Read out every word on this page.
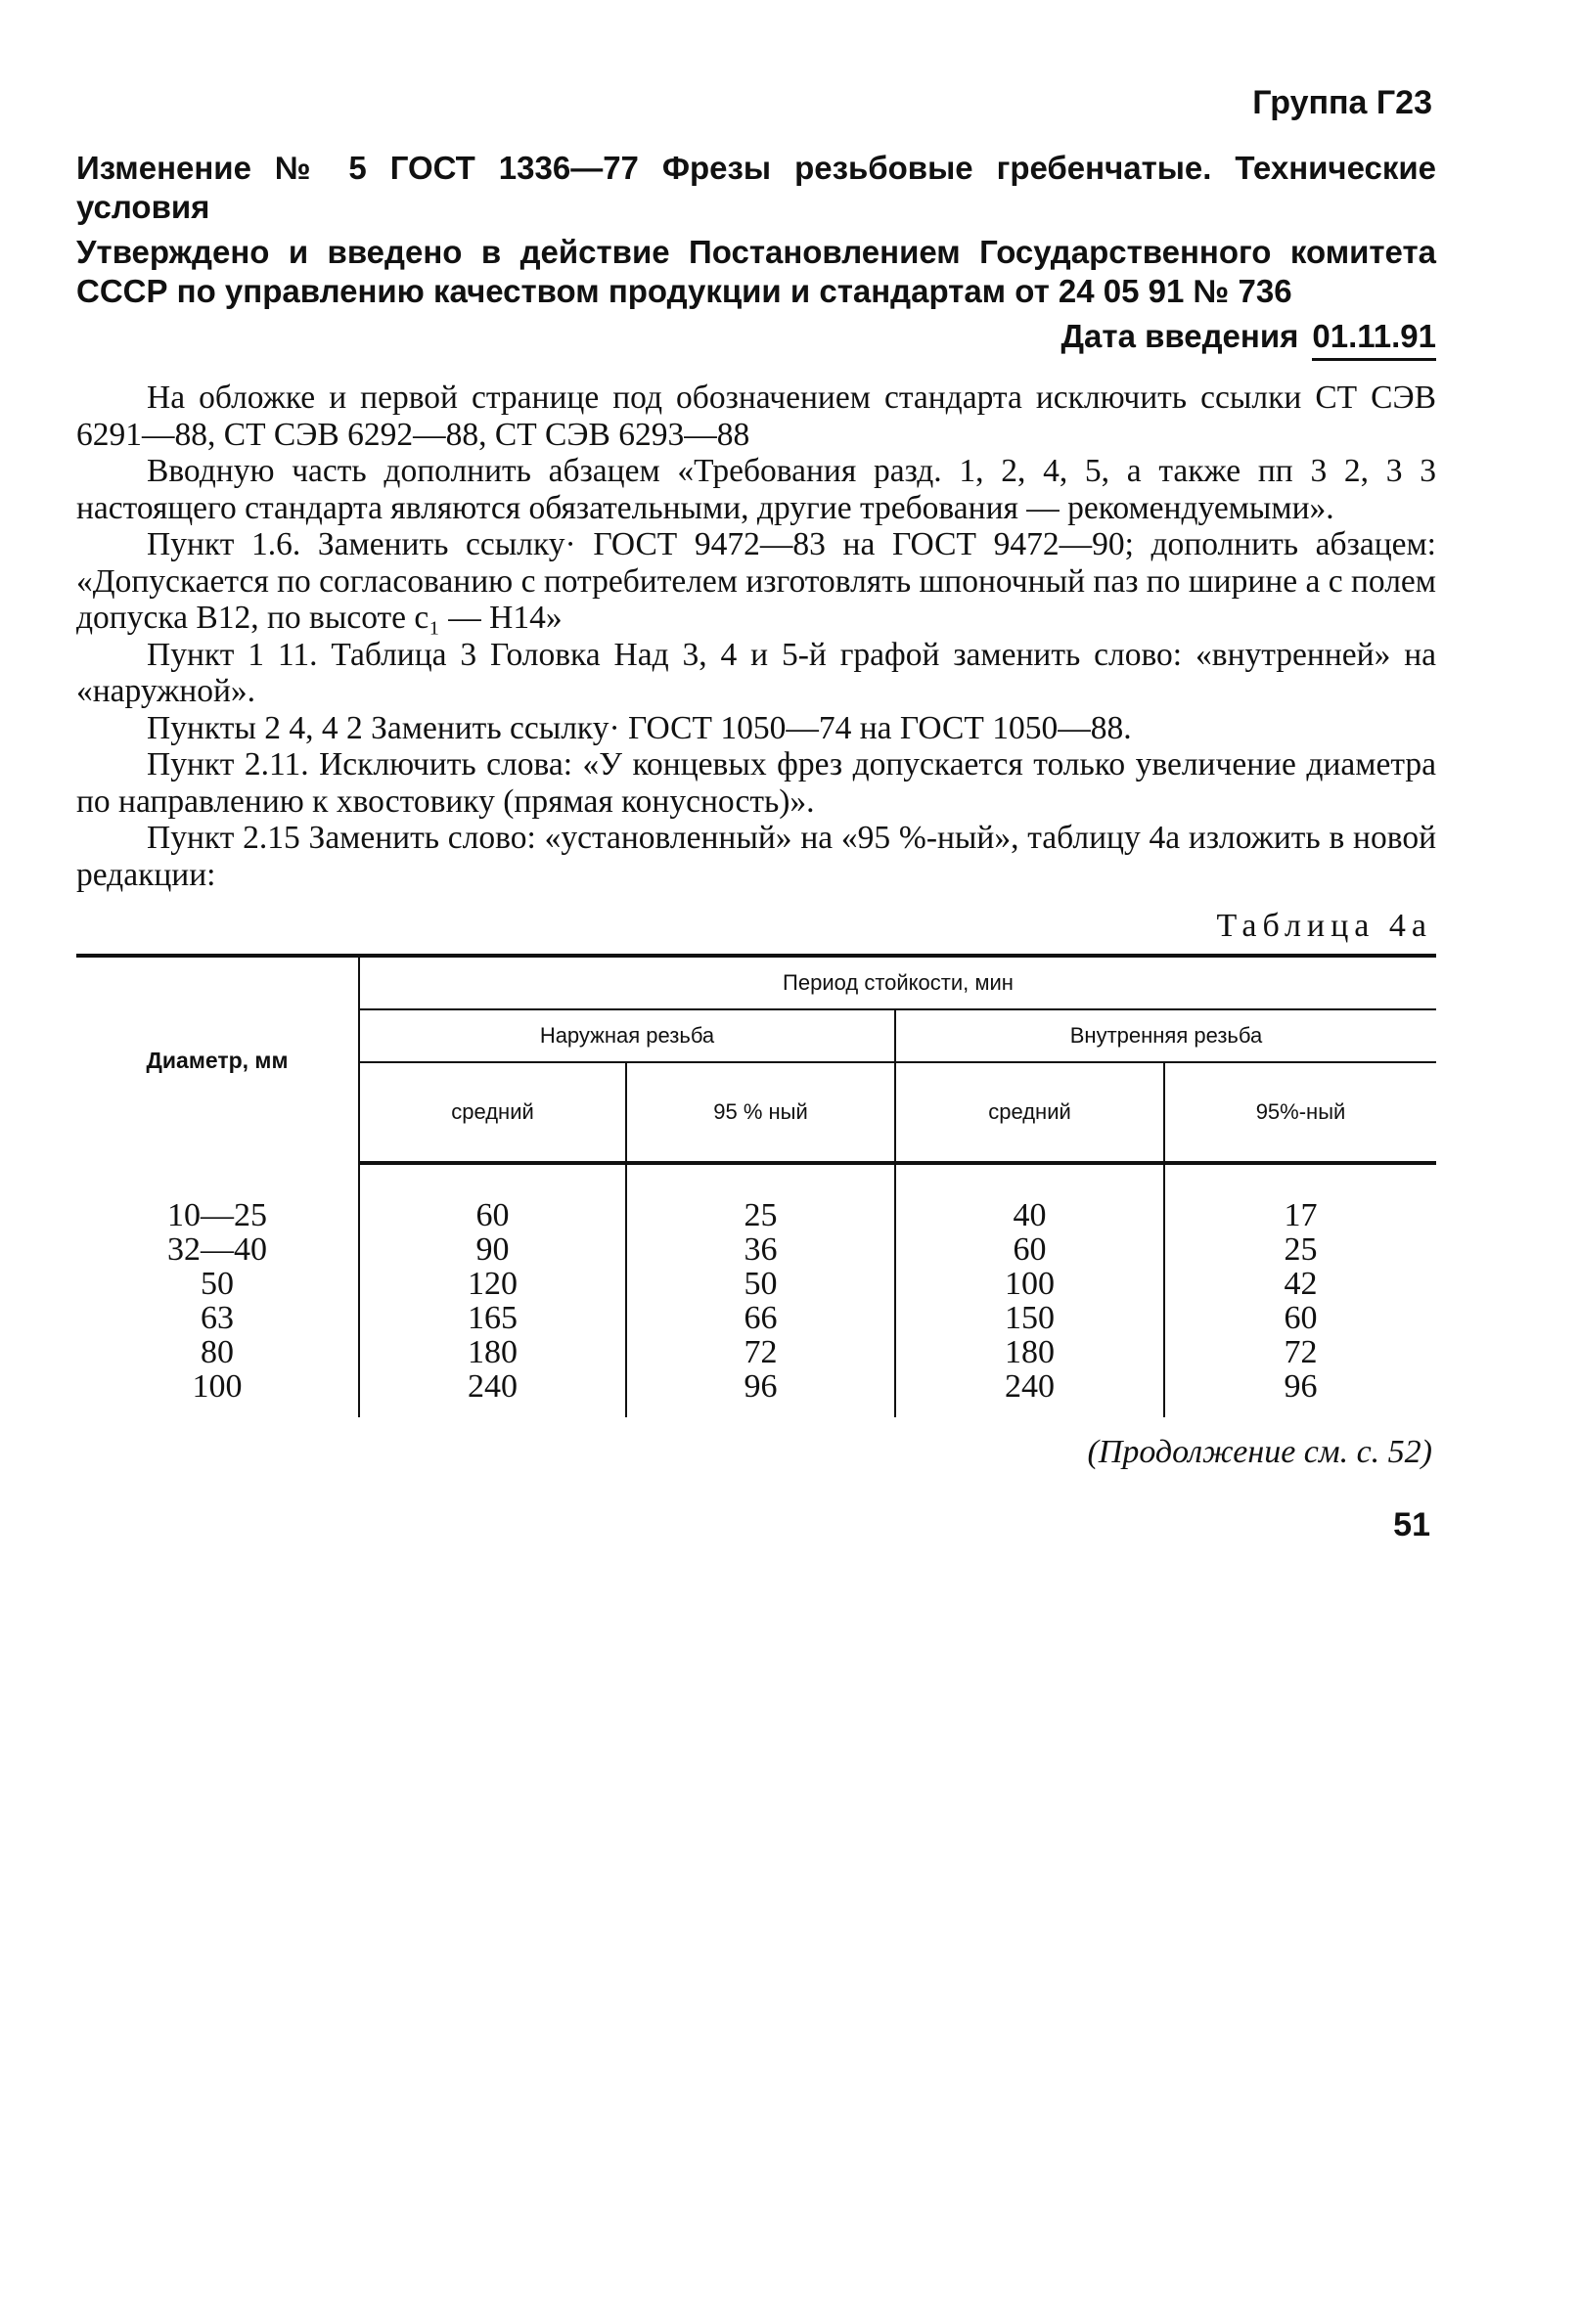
Группа Г23
Изменение № 5 ГОСТ 1336—77 Фрезы резьбовые гребенчатые. Технические условия
Утверждено и введено в действие Постановлением Государственного комитета СССР по управлению качеством продукции и стандартам от 24 05 91 № 736
Дата введения 01.11.91

На обложке и первой странице под обозначением стандарта исключить ссылки СТ СЭВ 6291—88, СТ СЭВ 6292—88, СТ СЭВ 6293—88

Вводную часть дополнить абзацем «Требования разд. 1, 2, 4, 5, а также пп 3 2, 3 3 настоящего стандарта являются обязательными, другие требования — рекомендуемыми».

Пункт 1.6. Заменить ссылку· ГОСТ 9472—83 на ГОСТ 9472—90; дополнить абзацем: «Допускается по согласованию с потребителем изготовлять шпоночный паз по ширине a с полем допуска В12, по высоте c₁ — Н14»

Пункт 1 11. Таблица 3 Головка Над 3, 4 и 5-й графой заменить слово: «внутренней» на «наружной».

Пункты 2 4, 4 2 Заменить ссылку· ГОСТ 1050—74 на ГОСТ 1050—88.

Пункт 2.11. Исключить слова: «У концевых фрез допускается только увеличение диаметра по направлению к хвостовику (прямая конусность)».

Пункт 2.15 Заменить слово: «установленный» на «95 %-ный», таблицу 4а изложить в новой редакции:

Таблица 4а
Диаметр, мм	Период стойкости, мин			
	Наружная резьба		Внутренняя резьба	
	средний	95 % ный	средний	95%-ный

10—25	60	25	40	17
32—40	90	36	60	25
50	120	50	100	42
63	165	66	150	60
80	180	72	180	72
100	240	96	240	96
(Продолжение см. с. 52)
51
